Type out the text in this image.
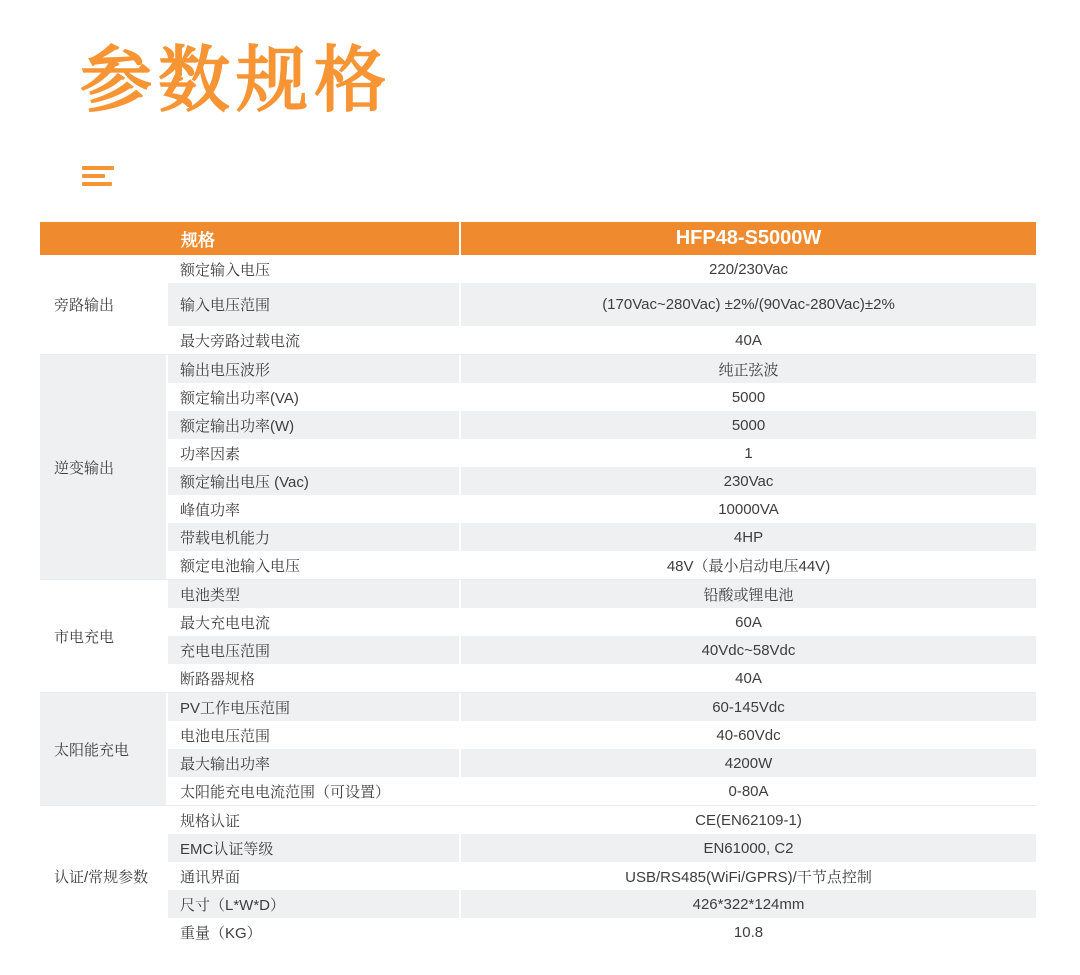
参数规格
规格	HFP48-S5000W
旁路输出
额定输入电压	220/230Vac
输入电压范围	(170Vac~280Vac) ±2%/(90Vac-280Vac)±2%
最大旁路过载电流	40A
逆变输出
输出电压波形	纯正弦波
额定输出功率(VA)	5000
额定输出功率(W)	5000
功率因素	1
额定输出电压 (Vac)	230Vac
峰值功率	10000VA
带载电机能力	4HP
额定电池输入电压	48V（最小启动电压44V)
市电充电
电池类型	铅酸或锂电池
最大充电电流	60A
充电电压范围	40Vdc~58Vdc
断路器规格	40A
太阳能充电
PV工作电压范围	60-145Vdc
电池电压范围	40-60Vdc
最大输出功率	4200W
太阳能充电电流范围（可设置）	0-80A
认证/常规参数
规格认证	CE(EN62109-1)
EMC认证等级	EN61000, C2
通讯界面	USB/RS485(WiFi/GPRS)/干节点控制
尺寸（L*W*D）	426*322*124mm
重量（KG）	10.8
